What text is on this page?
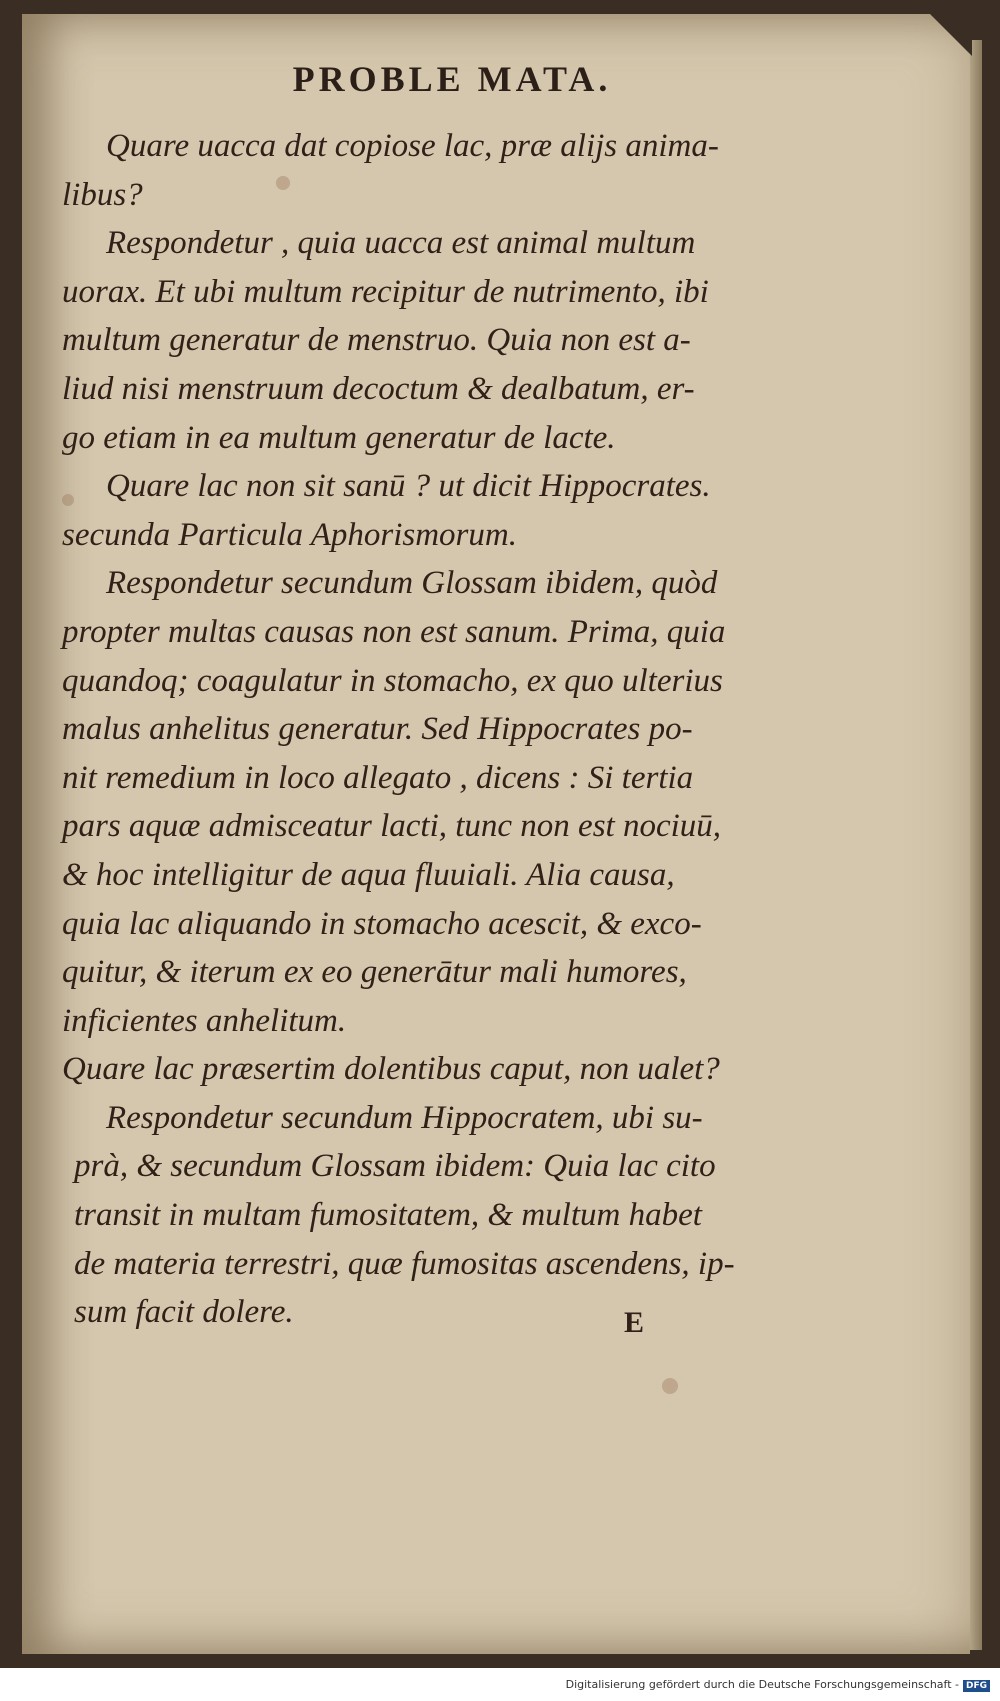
PROBLE MATA.
Quare uacca dat copiose lac, præ alijs anima-
libus?
Respondetur , quia uacca est animal multum
uorax. Et ubi multum recipitur de nutrimento, ibi
multum generatur de menstruo. Quia non est a-
liud nisi menstruum decoctum & dealbatum, er-
go etiam in ea multum generatur de lacte.
Quare lac non sit sanū ? ut dicit Hippocrates.
secunda Particula Aphorismorum.
Respondetur secundum Glossam ibidem, quòd
propter multas causas non est sanum. Prima, quia
quandoq; coagulatur in stomacho, ex quo ulterius
malus anhelitus generatur. Sed Hippocrates po-
nit remedium in loco allegato , dicens : Si tertia
pars aquæ admisceatur lacti, tunc non est nociuū,
& hoc intelligitur de aqua fluuiali. Alia causa,
quia lac aliquando in stomacho acescit, & exco-
quitur, & iterum ex eo generātur mali humores,
inficientes anhelitum.
Quare lac præsertim dolentibus caput, non ualet?
Respondetur secundum Hippocratem, ubi su-
prà, & secundum Glossam ibidem: Quia lac cito
transit in multam fumositatem, & multum habet
de materia terrestri, quæ fumositas ascendens, ip-
sum facit dolere.	E
Digitalisierung gefördert durch die Deutsche Forschungsgemeinschaft - DFG
